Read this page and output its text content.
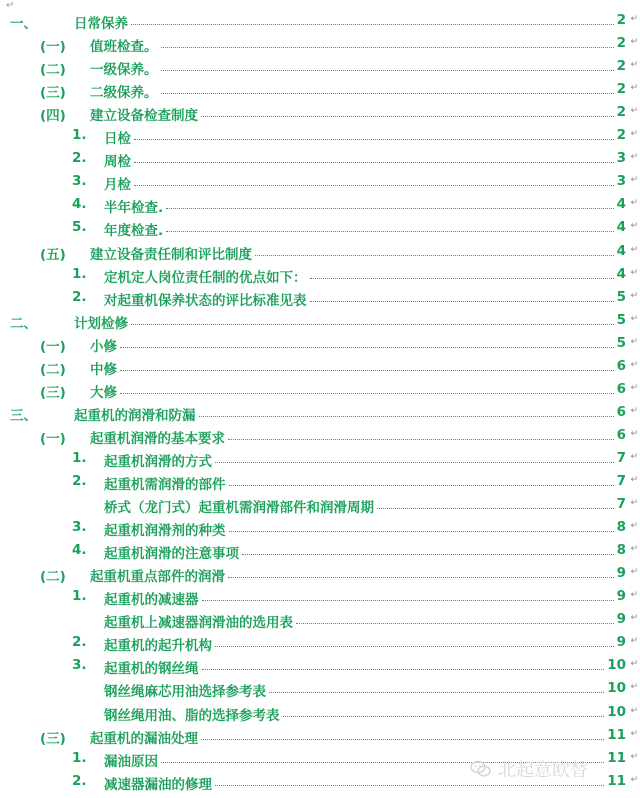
↵
一、	日常保养	2 ↵
(一) 值班检查。	2 ↵
(二) 一级保养。	2 ↵
(三) 二级保养。	2 ↵
(四) 建立设备检查制度	2 ↵
1. 日检	2 ↵
2. 周检	3 ↵
3. 月检	3 ↵
4. 半年检查.	4 ↵
5. 年度检查.	4 ↵
(五) 建立设备责任制和评比制度	4 ↵
1. 定机定人岗位责任制的优点如下：	4 ↵
2. 对起重机保养状态的评比标准见表	5 ↵
二、	计划检修	5 ↵
(一) 小修	5 ↵
(二) 中修	6 ↵
(三) 大修	6 ↵
三、	起重机的润滑和防漏	6 ↵
(一) 起重机润滑的基本要求	6 ↵
1. 起重机润滑的方式	7 ↵
2. 起重机需润滑的部件	7 ↵
桥式（龙门式）起重机需润滑部件和润滑周期	7 ↵
3. 起重机润滑剂的种类	8 ↵
4. 起重机润滑的注意事项	8 ↵
(二) 起重机重点部件的润滑	9 ↵
1. 起重机的减速器	9 ↵
起重机上减速器润滑油的选用表	9 ↵
2. 起重机的起升机构	9 ↵
3. 起重机的钢丝绳	10 ↵
钢丝绳麻芯用油选择参考表	10 ↵
钢丝绳用油、脂的选择参考表	10 ↵
(三) 起重机的漏油处理	11 ↵
1. 漏油原因	11 ↵
2. 减速器漏油的修理	11 ↵
北起意欧替
